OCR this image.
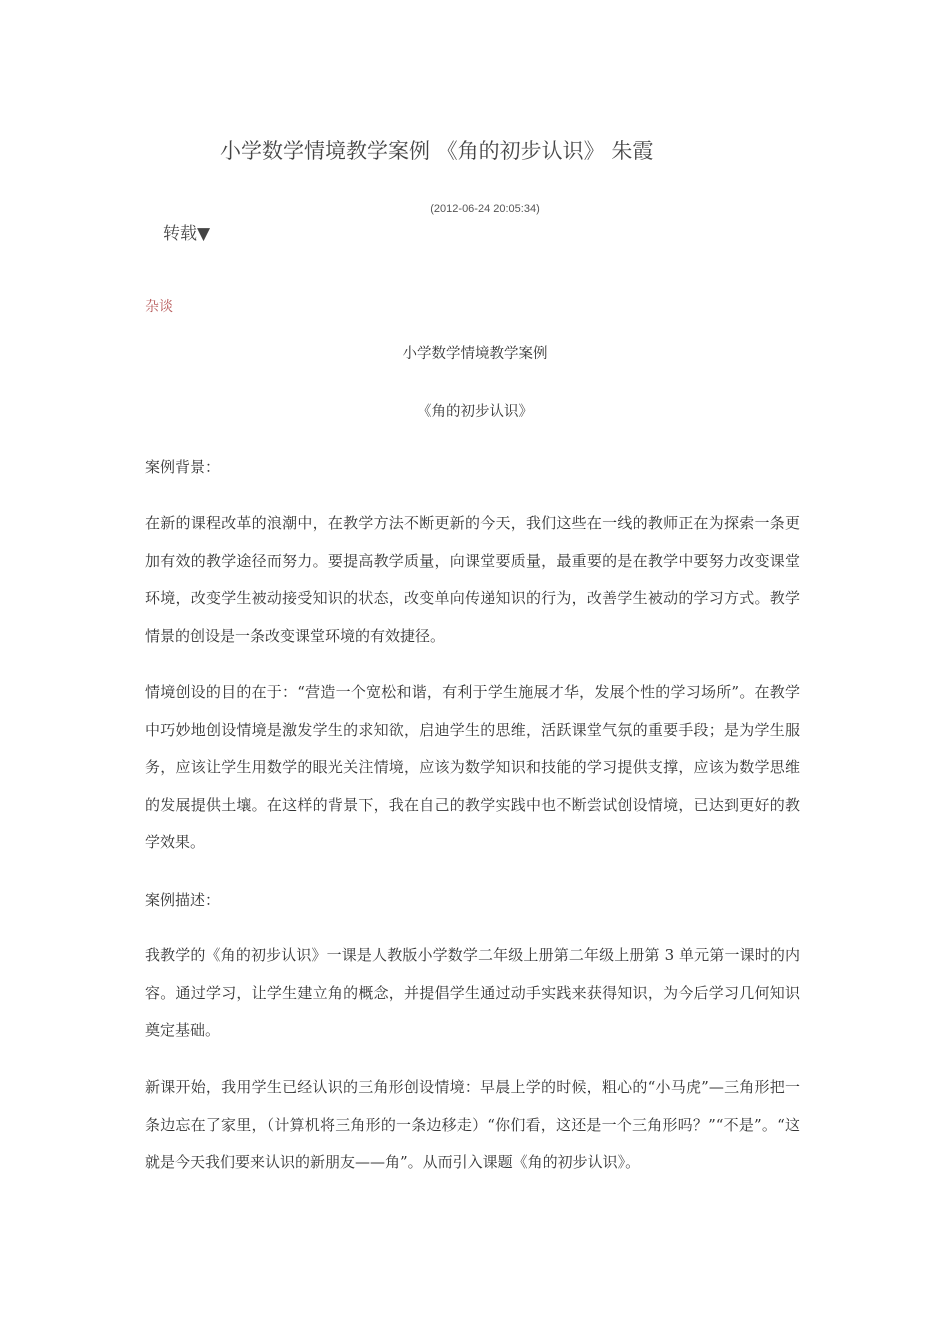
小学数学情境教学案例 《角的初步认识》 朱霞
(2012-06-24 20:05:34)
转载▼
杂谈
小学数学情境教学案例
《角的初步认识》
案例背景：
在新的课程改革的浪潮中，在教学方法不断更新的今天，我们这些在一线的教师正在为探索一条更加有效的教学途径而努力。要提高教学质量，向课堂要质量，最重要的是在教学中要努力改变课堂环境，改变学生被动接受知识的状态，改变单向传递知识的行为，改善学生被动的学习方式。教学情景的创设是一条改变课堂环境的有效捷径。
情境创设的目的在于：“营造一个宽松和谐，有利于学生施展才华，发展个性的学习场所”。在教学中巧妙地创设情境是激发学生的求知欲，启迪学生的思维，活跃课堂气氛的重要手段；是为学生服务，应该让学生用数学的眼光关注情境，应该为数学知识和技能的学习提供支撑，应该为数学思维的发展提供土壤。在这样的背景下，我在自己的教学实践中也不断尝试创设情境，已达到更好的教学效果。
案例描述：
我教学的《角的初步认识》一课是人教版小学数学二年级上册第二年级上册第 3 单元第一课时的内容。通过学习，让学生建立角的概念，并提倡学生通过动手实践来获得知识，为今后学习几何知识奠定基础。
新课开始，我用学生已经认识的三角形创设情境：早晨上学的时候，粗心的“小马虎”—三角形把一条边忘在了家里，（计算机将三角形的一条边移走）“你们看，这还是一个三角形吗？”“不是”。“这就是今天我们要来认识的新朋友——角”。从而引入课题《角的初步认识》。
